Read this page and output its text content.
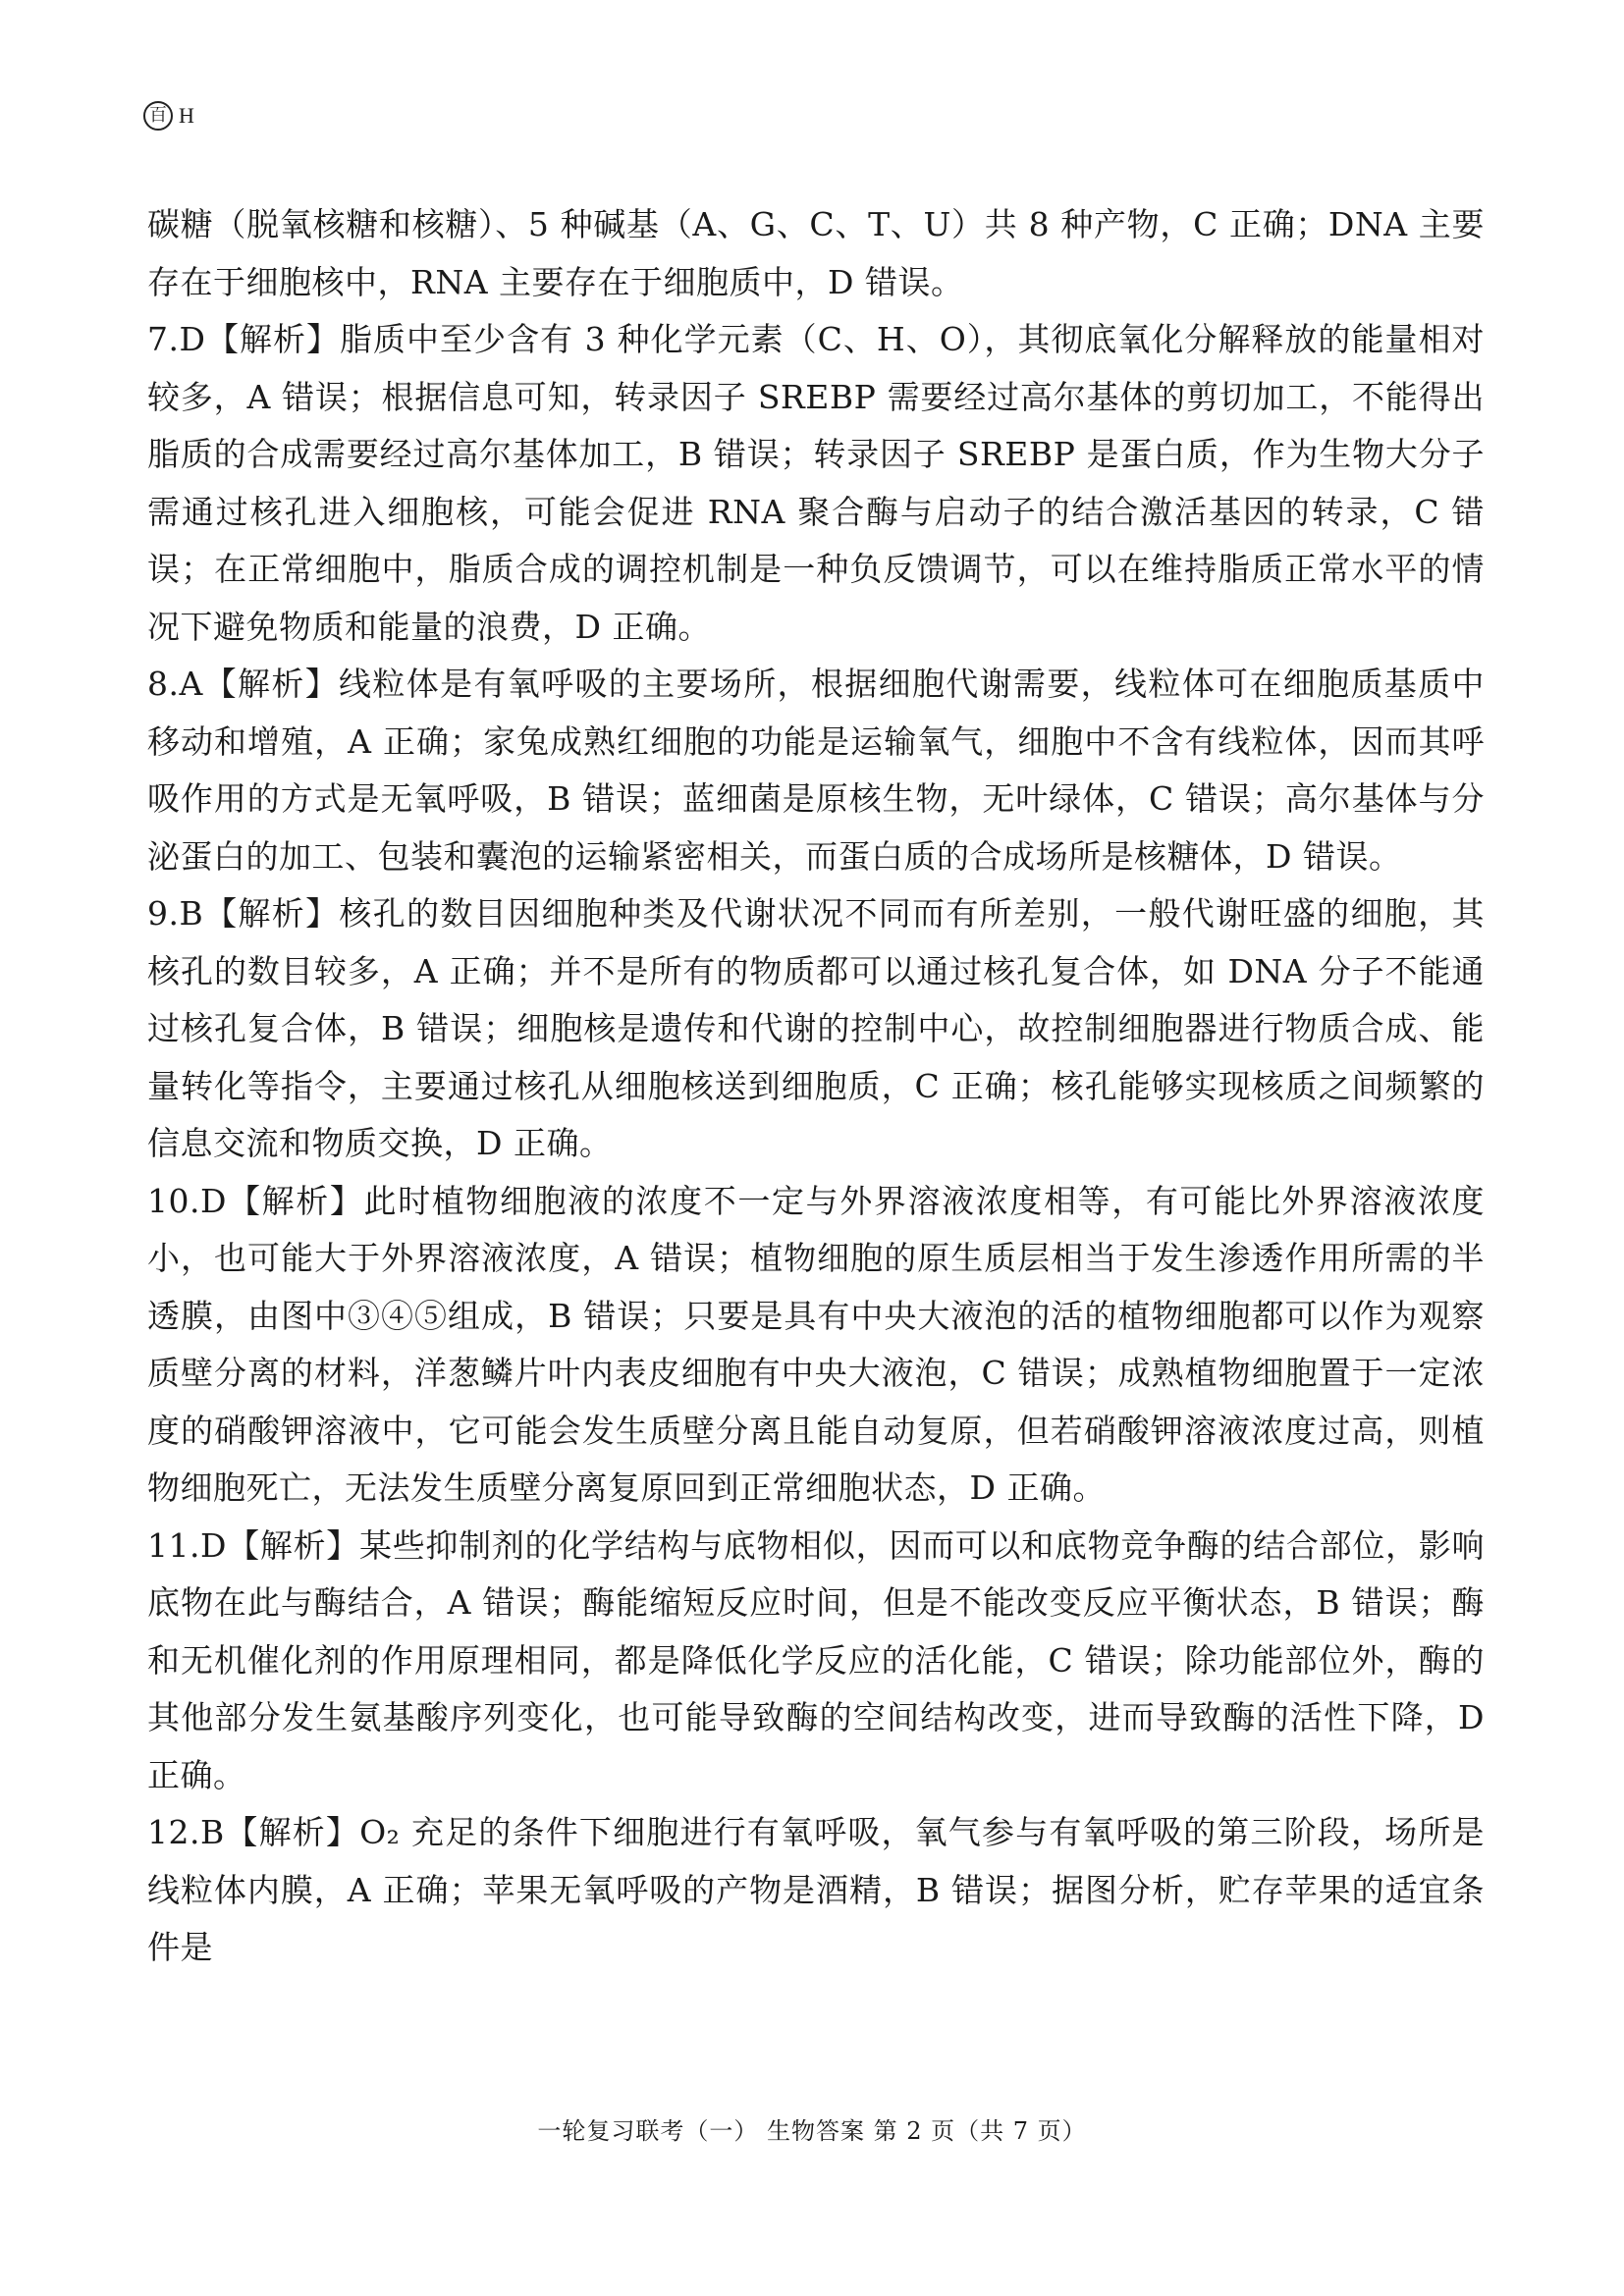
百 H

碳糖（脱氧核糖和核糖）、5 种碱基（A、G、C、T、U）共 8 种产物，C 正确；DNA 主要存在于细胞核中，RNA 主要存在于细胞质中，D 错误。

7.D【解析】脂质中至少含有 3 种化学元素（C、H、O），其彻底氧化分解释放的能量相对较多，A 错误；根据信息可知，转录因子 SREBP 需要经过高尔基体的剪切加工，不能得出脂质的合成需要经过高尔基体加工，B 错误；转录因子 SREBP 是蛋白质，作为生物大分子需通过核孔进入细胞核，可能会促进 RNA 聚合酶与启动子的结合激活基因的转录，C 错误；在正常细胞中，脂质合成的调控机制是一种负反馈调节，可以在维持脂质正常水平的情况下避免物质和能量的浪费，D 正确。

8.A【解析】线粒体是有氧呼吸的主要场所，根据细胞代谢需要，线粒体可在细胞质基质中移动和增殖，A 正确；家兔成熟红细胞的功能是运输氧气，细胞中不含有线粒体，因而其呼吸作用的方式是无氧呼吸，B 错误；蓝细菌是原核生物，无叶绿体，C 错误；高尔基体与分泌蛋白的加工、包装和囊泡的运输紧密相关，而蛋白质的合成场所是核糖体，D 错误。

9.B【解析】核孔的数目因细胞种类及代谢状况不同而有所差别，一般代谢旺盛的细胞，其核孔的数目较多，A 正确；并不是所有的物质都可以通过核孔复合体，如 DNA 分子不能通过核孔复合体，B 错误；细胞核是遗传和代谢的控制中心，故控制细胞器进行物质合成、能量转化等指令，主要通过核孔从细胞核送到细胞质，C 正确；核孔能够实现核质之间频繁的信息交流和物质交换，D 正确。

10.D【解析】此时植物细胞液的浓度不一定与外界溶液浓度相等，有可能比外界溶液浓度小，也可能大于外界溶液浓度，A 错误；植物细胞的原生质层相当于发生渗透作用所需的半透膜，由图中③④⑤组成，B 错误；只要是具有中央大液泡的活的植物细胞都可以作为观察质壁分离的材料，洋葱鳞片叶内表皮细胞有中央大液泡，C 错误；成熟植物细胞置于一定浓度的硝酸钾溶液中，它可能会发生质壁分离且能自动复原，但若硝酸钾溶液浓度过高，则植物细胞死亡，无法发生质壁分离复原回到正常细胞状态，D 正确。

11.D【解析】某些抑制剂的化学结构与底物相似，因而可以和底物竞争酶的结合部位，影响底物在此与酶结合，A 错误；酶能缩短反应时间，但是不能改变反应平衡状态，B 错误；酶和无机催化剂的作用原理相同，都是降低化学反应的活化能，C 错误；除功能部位外，酶的其他部分发生氨基酸序列变化，也可能导致酶的空间结构改变，进而导致酶的活性下降，D 正确。

12.B【解析】O₂ 充足的条件下细胞进行有氧呼吸，氧气参与有氧呼吸的第三阶段，场所是线粒体内膜，A 正确；苹果无氧呼吸的产物是酒精，B 错误；据图分析，贮存苹果的适宜条件是

一轮复习联考（一） 生物答案 第 2 页（共 7 页）
